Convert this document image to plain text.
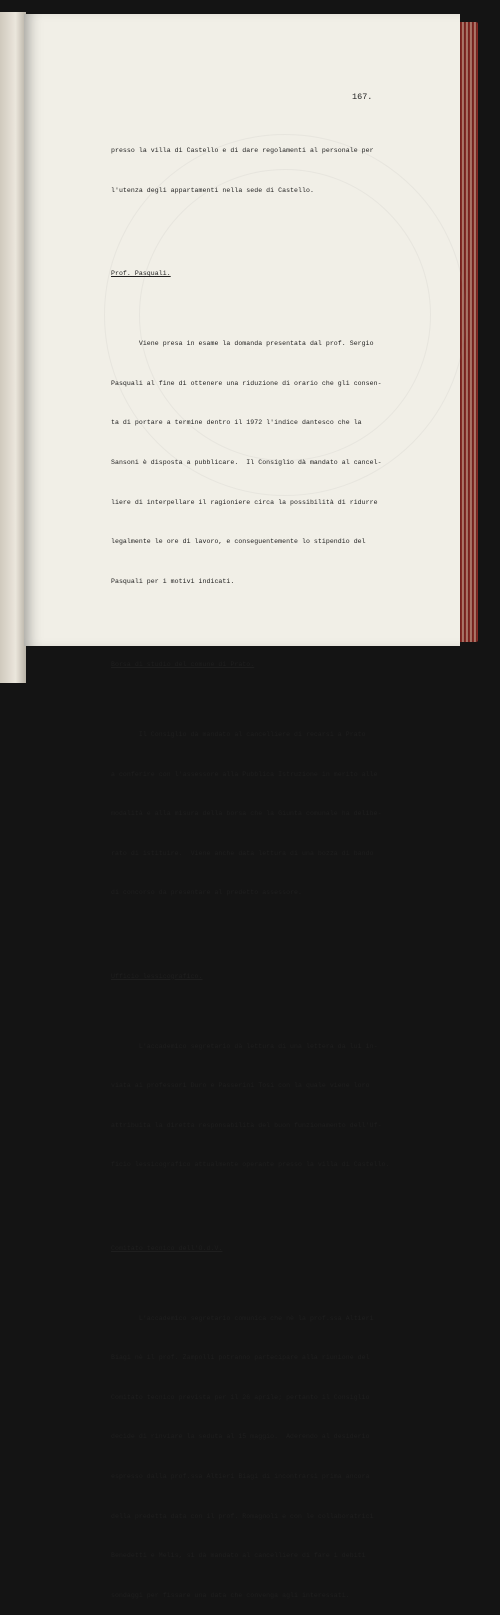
167.

presso la villa di Castello e di dare regolamenti al personale per

l'utenza degli appartamenti nella sede di Castello.

Prof. Pasquali.

Viene presa in esame la domanda presentata dal prof. Sergio

Pasquali al fine di ottenere una riduzione di orario che gli consen-

ta di portare a termine dentro il 1972 l'indice dantesco che la

Sansoni è disposta a pubblicare.  Il Consiglio dà mandato al cancel-

liere di interpellare il ragioniere circa la possibilità di ridurre

legalmente le ore di lavoro, e conseguentemente lo stipendio del

Pasquali per i motivi indicati.

Borsa di studio del comune di Prato.

Il Consiglio dà mandato al cancelliere di recarsi a Prato

a conferire con l'assessore alla Pubblica Istruzione in merito alle

modalità e alla misura della borsa che la Giunta comunale ha delibe-

rato di istituire.  Viene anche data lettura di una bozza di bando

di concorso da presentare al predetto assessore.

Ufficio lessicografico.

L'accademico segretario dà lettura di una lettera da lui in-

viata ai professori Duro e Passerini Tosi con la quale viene loro

attribuita la diretta responsabilità del buon funzionamento dell'Uf-

ficio lessicografico attualmente operante presso la villa di Castello.

Comitato tecnico dell'O.d.V.

L'accademico segretario comunica che nè la prof.ssa Altieri

Biagi nè il prof. Zampolli potranno partecipare alla riunione del

Comitato tecnico prevista per il 26 aprile; pertanto il Consiglio

decide di rinviare la seduta al 15 maggio.  Aderendo al desiderio

espresso dalla prof.ssa Altieri Biagi di incontrarsi prima ancora

della predetta data con il prof. Romagnoli e con le collaboratrici

Benedetti e Melis, si dà mandato al cancelliere di fare i debiti

sondaggi per fissare una data che convenga agli interessati.
